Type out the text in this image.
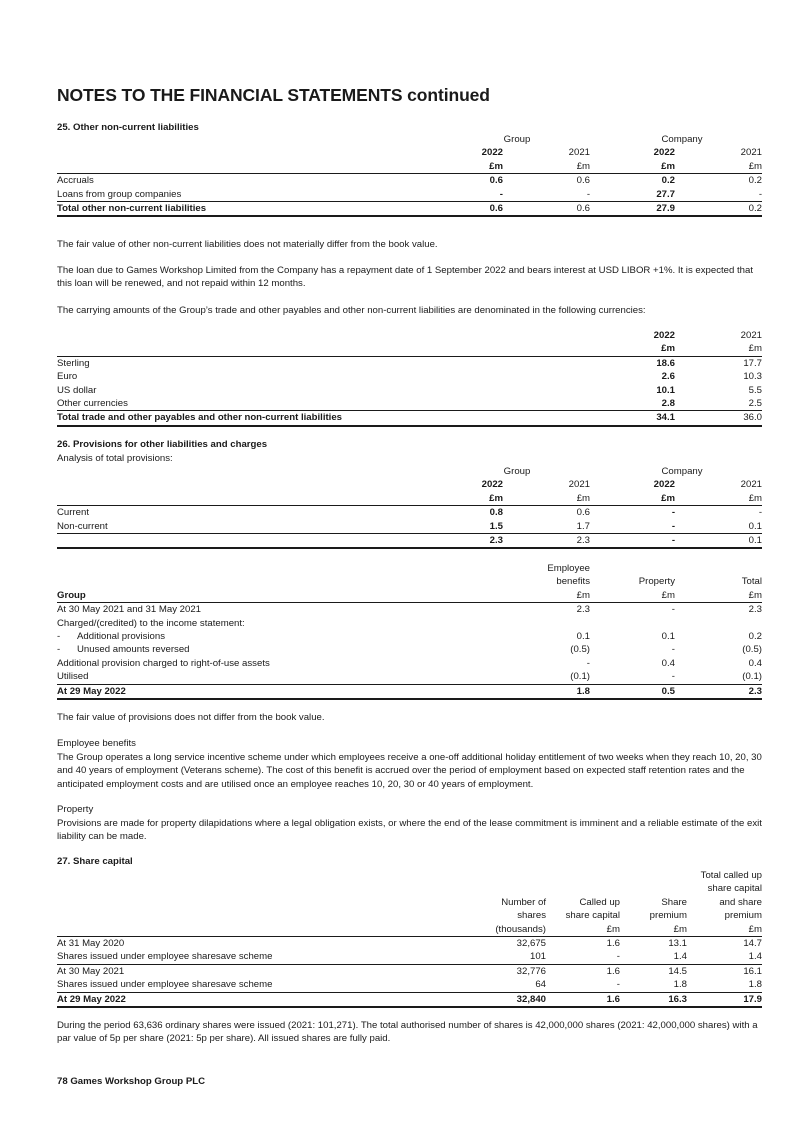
NOTES TO THE FINANCIAL STATEMENTS continued

25. Other non-current liabilities

	Group		Company	
	2022	2021	2022	2021
	£m	£m	£m	£m
Accruals	0.6	0.6	0.2	0.2
Loans from group companies	-	-	27.7	-
Total other non-current liabilities	0.6	0.6	27.9	0.2

The fair value of other non-current liabilities does not materially differ from the book value.

The loan due to Games Workshop Limited from the Company has a repayment date of 1 September 2022 and bears interest at USD LIBOR +1%. It is expected that this loan will be renewed, and not repaid within 12 months.

The carrying amounts of the Group’s trade and other payables and other non-current liabilities are denominated in the following currencies:

	2022	2021
	£m	£m
Sterling	18.6	17.7
Euro	2.6	10.3
US dollar	10.1	5.5
Other currencies	2.8	2.5
Total trade and other payables and other non-current liabilities	34.1	36.0

26. Provisions for other liabilities and charges

Analysis of total provisions:

	Group		Company	
	2022	2021	2022	2021
	£m	£m	£m	£m
Current	0.8	0.6	-	-
Non-current	1.5	1.7	-	0.1
	2.3	2.3	-	0.1
	Employee		
	benefits	Property	Total
Group	£m	£m	£m
At 30 May 2021 and 31 May 2021	2.3	-	2.3
Charged/(credited) to the income statement:			
- Additional provisions	0.1	0.1	0.2
- Unused amounts reversed	(0.5)	-	(0.5)
Additional provision charged to right-of-use assets	-	0.4	0.4
Utilised	(0.1)	-	(0.1)
At 29 May 2022	1.8	0.5	2.3

The fair value of provisions does not differ from the book value.

Employee benefits

The Group operates a long service incentive scheme under which employees receive a one-off additional holiday entitlement of two weeks when they reach 10, 20, 30 and 40 years of employment (Veterans scheme). The cost of this benefit is accrued over the period of employment based on expected staff retention rates and the anticipated employment costs and are utilised once an employee reaches 10, 20, 30 or 40 years of employment.

Property

Provisions are made for property dilapidations where a legal obligation exists, or where the end of the lease commitment is imminent and a reliable estimate of the exit liability can be made.

27. Share capital

				Total called up
				share capital
	Number of	Called up	Share	and share
	shares	share capital	premium	premium
	(thousands)	£m	£m	£m
At 31 May 2020	32,675	1.6	13.1	14.7
Shares issued under employee sharesave scheme	101	-	1.4	1.4
At 30 May 2021	32,776	1.6	14.5	16.1
Shares issued under employee sharesave scheme	64	-	1.8	1.8
At 29 May 2022	32,840	1.6	16.3	17.9

During the period 63,636 ordinary shares were issued (2021: 101,271). The total authorised number of shares is 42,000,000 shares (2021: 42,000,000 shares) with a par value of 5p per share (2021: 5p per share). All issued shares are fully paid.

78 Games Workshop Group PLC
